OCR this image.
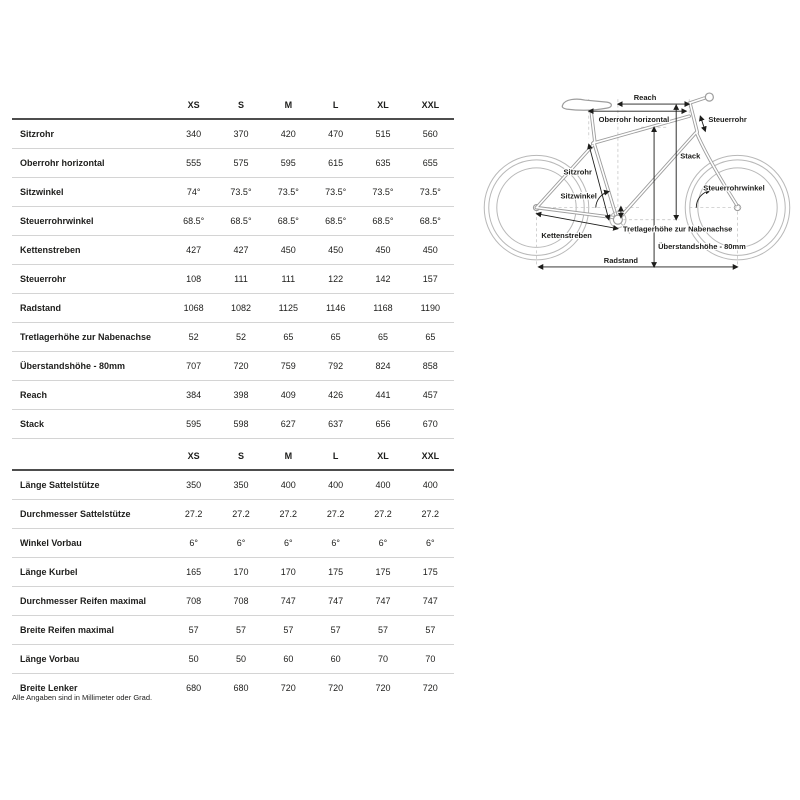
	XS	S	M	L	XL	XXL
Sitzrohr	340	370	420	470	515	560
Oberrohr horizontal	555	575	595	615	635	655
Sitzwinkel	74°	73.5°	73.5°	73.5°	73.5°	73.5°
Steuerrohrwinkel	68.5°	68.5°	68.5°	68.5°	68.5°	68.5°
Kettenstreben	427	427	450	450	450	450
Steuerrohr	108	111	111	122	142	157
Radstand	1068	1082	1125	1146	1168	1190
Tretlagerhöhe zur Nabenachse	52	52	65	65	65	65
Überstandshöhe - 80mm	707	720	759	792	824	858
Reach	384	398	409	426	441	457
Stack	595	598	627	637	656	670
	XS	S	M	L	XL	XXL
Länge Sattelstütze	350	350	400	400	400	400
Durchmesser Sattelstütze	27.2	27.2	27.2	27.2	27.2	27.2
Winkel Vorbau	6°	6°	6°	6°	6°	6°
Länge Kurbel	165	170	170	175	175	175
Durchmesser Reifen maximal	708	708	747	747	747	747
Breite Reifen maximal	57	57	57	57	57	57
Länge Vorbau	50	50	60	60	70	70
Breite Lenker	680	680	720	720	720	720
Reach
Oberrohr horizontal	Steuerrohr
Stack
Sitzrohr
Sitzwinkel
Steuerrohrwinkel
Tretlagerhöhe zur Nabenachse
Kettenstreben
Überstandshöhe - 80mm
Radstand
Alle Angaben sind in Millimeter oder Grad.
